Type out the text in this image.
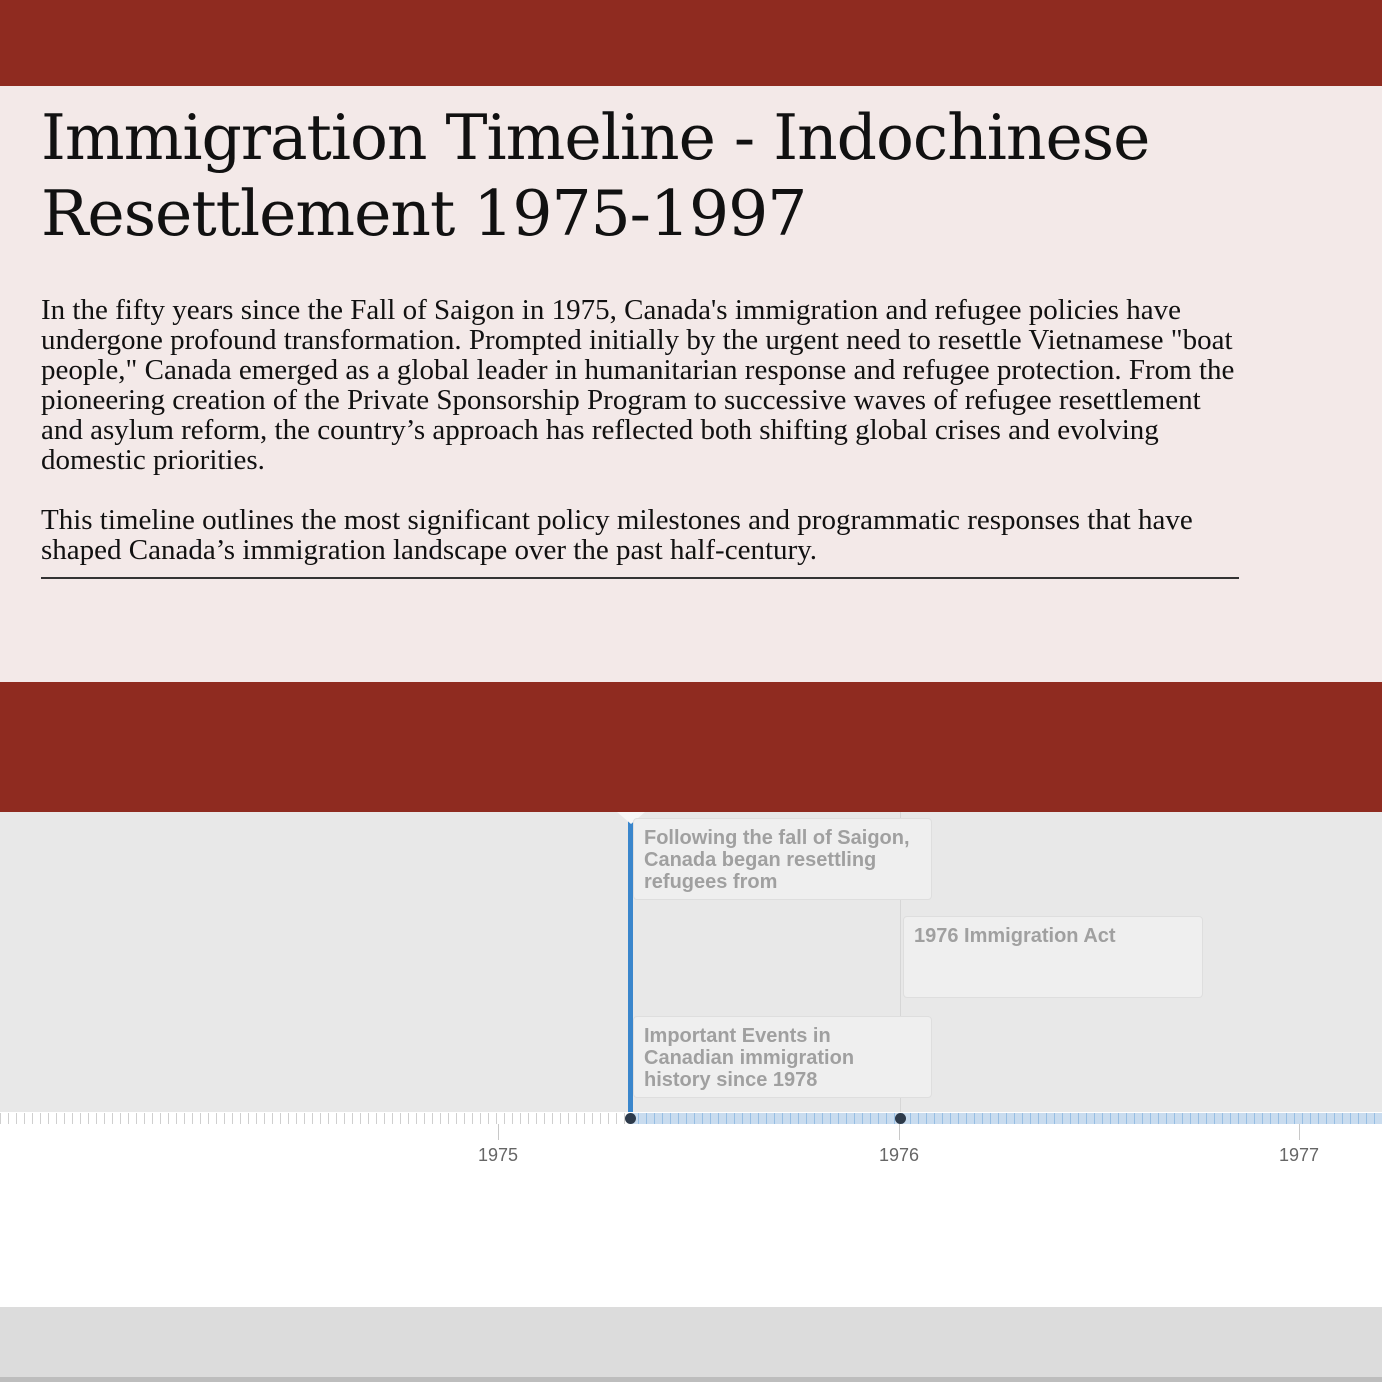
Immigration Timeline - Indochinese Resettlement 1975-1997

In the fifty years since the Fall of Saigon in 1975, Canada's immigration and refugee policies have undergone profound transformation. Prompted initially by the urgent need to resettle Vietnamese "boat people," Canada emerged as a global leader in humanitarian response and refugee protection. From the pioneering creation of the Private Sponsorship Program to successive waves of refugee resettlement and asylum reform, the country’s approach has reflected both shifting global crises and evolving domestic priorities.

This timeline outlines the most significant policy milestones and programmatic responses that have shaped Canada’s immigration landscape over the past half-century.

Following the fall of Saigon, Canada began resettling refugees from
1976 Immigration Act
Important Events in Canadian immigration history since 1978
1975	1976	1977
